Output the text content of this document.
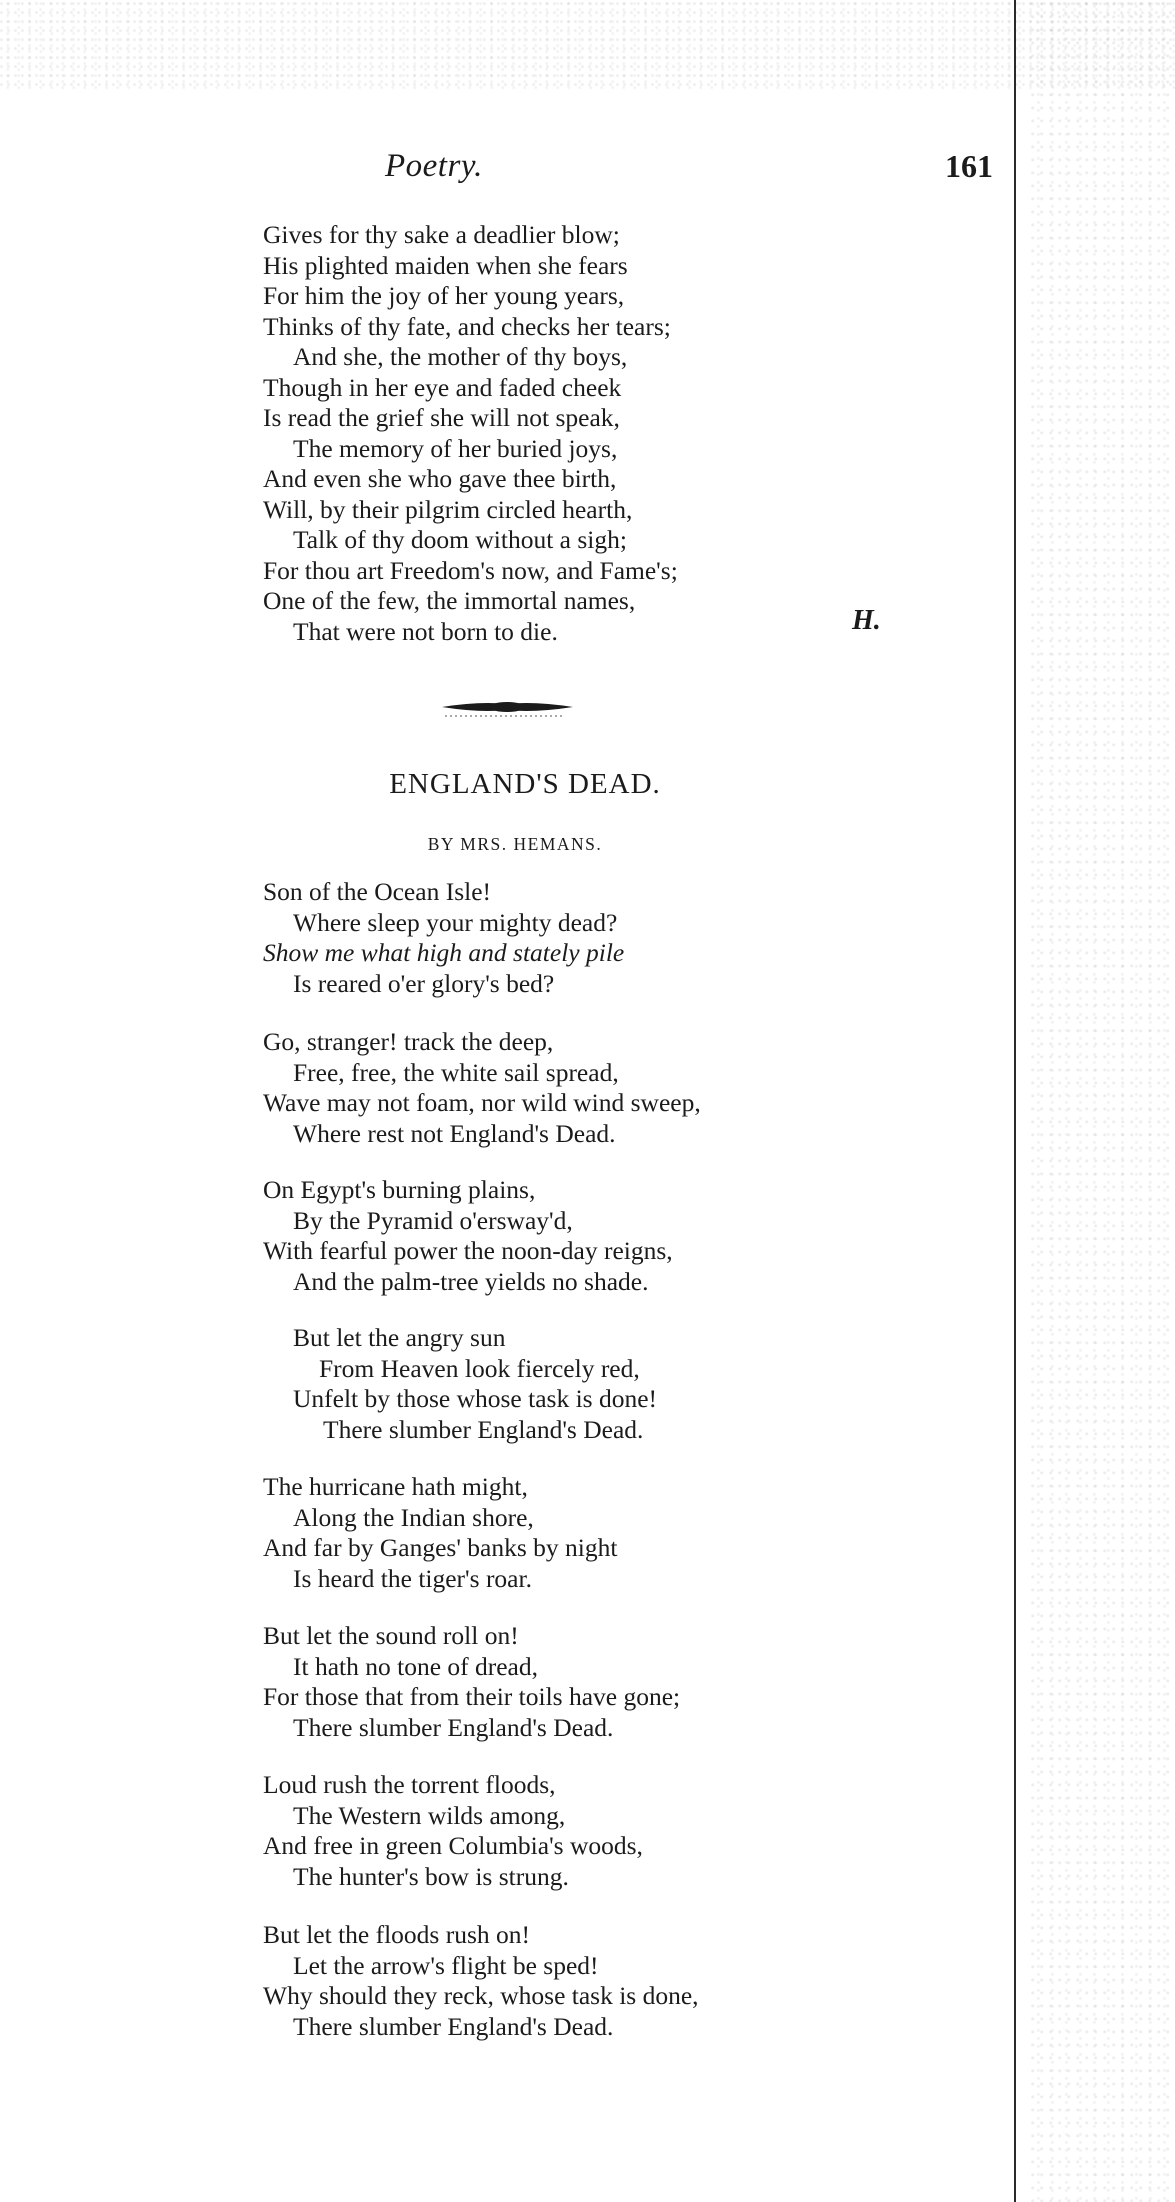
Poetry.	161
Gives for thy sake a deadlier blow;
His plighted maiden when she fears
For him the joy of her young years,
Thinks of thy fate, and checks her tears;
And she, the mother of thy boys,
Though in her eye and faded cheek
Is read the grief she will not speak,
The memory of her buried joys,
And even she who gave thee birth,
Will, by their pilgrim circled hearth,
Talk of thy doom without a sigh;
For thou art Freedom's now, and Fame's;
One of the few, the immortal names,
That were not born to die.	H.
ENGLAND'S DEAD.
BY MRS. HEMANS.
Son of the Ocean Isle!
Where sleep your mighty dead?
Show me what high and stately pile
Is reared o'er glory's bed?
Go, stranger! track the deep,
Free, free, the white sail spread,
Wave may not foam, nor wild wind sweep,
Where rest not England's Dead.
On Egypt's burning plains,
By the Pyramid o'ersway'd,
With fearful power the noon-day reigns,
And the palm-tree yields no shade.
But let the angry sun
From Heaven look fiercely red,
Unfelt by those whose task is done!
There slumber England's Dead.
The hurricane hath might,
Along the Indian shore,
And far by Ganges' banks by night
Is heard the tiger's roar.
But let the sound roll on!
It hath no tone of dread,
For those that from their toils have gone;
There slumber England's Dead.
Loud rush the torrent floods,
The Western wilds among,
And free in green Columbia's woods,
The hunter's bow is strung.
But let the floods rush on!
Let the arrow's flight be sped!
Why should they reck, whose task is done,
There slumber England's Dead.
